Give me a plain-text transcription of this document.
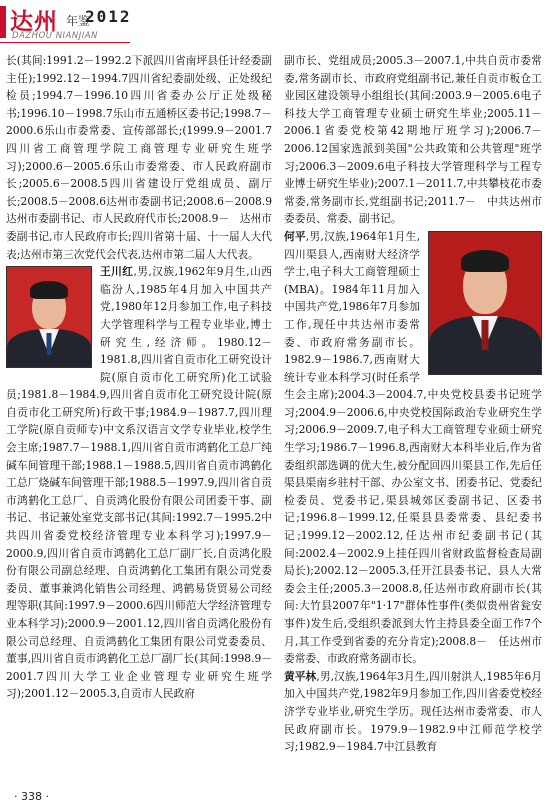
达州 年鉴
2012
DAZHOU NIANJIAN

长(其间:1991.2－1992.2下派四川省南坪县任计经委副主任);1992.12－1994.7四川省纪委副处级、正处级纪检员;1994.7－1996.10四川省委办公厅正处级秘书;1996.10－1998.7乐山市五通桥区委书记;1998.7－2000.6乐山市委常委、宣传部部长;(1999.9－2001.7四川省工商管理学院工商管理专业研究生班学习);2000.6－2005.6乐山市委常委、市人民政府副市长;2005.6－2008.5四川省建设厅党组成员、副厅长;2008.5－2008.6达州市委副书记;2008.6－2008.9达州市委副书记、市人民政府代市长;2008.9－　达州市委副书记,市人民政府市长;四川省第十届、十一届人大代表;达州市第三次党代会代表,达州市第二届人大代表。

王川红,男,汉族,1962年9月生,山西临汾人,1985年4月加入中国共产党,1980年12月参加工作,电子科技大学管理科学与工程专业毕业,博士研究生,经济师。1980.12－1981.8,四川省自贡市化工研究设计院(原自贡市化工研究所)化工试验员;1981.8－1984.9,四川省自贡市化工研究设计院(原自贡市化工研究所)行政干事;1984.9－1987.7,四川理工学院(原自贡师专)中文系汉语言文学专业毕业,校学生会主席;1987.7－1988.1,四川省自贡市鸿鹤化工总厂纯碱车间管理干部;1988.1－1988.5,四川省自贡市鸿鹤化工总厂烧碱车间管理干部;1988.5－1997.9,四川省自贡市鸿鹤化工总厂、自贡鸿化股份有限公司团委干事、副书记、书记兼处室党支部书记(其间:1992.7－1995.2中共四川省委党校经济管理专业本科学习);1997.9－2000.9,四川省自贡市鸿鹤化工总厂副厂长,自贡鸿化股份有限公司副总经理、自贡鸿鹤化工集团有限公司党委委员、董事兼鸿化销售公司经理、鸿鹤易货贸易公司经理等职(其间:1997.9－2000.6四川师范大学经济管理专业本科学习);2000.9－2001.12,四川省自贡鸿化股份有限公司总经理、自贡鸿鹤化工集团有限公司党委委员、董事,四川省自贡市鸿鹤化工总厂副厂长(其间:1998.9－2001.7四川大学工业企业管理专业研究生班学习);2001.12－2005.3,自贡市人民政府

副市长、党组成员;2005.3－2007.1,中共自贡市委常委,常务副市长、市政府党组副书记,兼任自贡市板仓工业园区建设领导小组组长(其间:2003.9－2005.6电子科技大学工商管理专业硕士研究生毕业;2005.11－2006.1省委党校第42期地厅班学习);2006.7－2006.12国家选派到美国"公共政策和公共管理"班学习;2006.3－2009.6电子科技大学管理科学与工程专业博士研究生毕业);2007.1－2011.7,中共攀枝花市委常委,常务副市长,党组副书记;2011.7－　中共达州市委委员、常委、副书记。

何平,男,汉族,1964年1月生,四川渠县人,西南财大经济学学士,电子科大工商管理硕士(MBA)。1984年11月加入中国共产党,1986年7月参加工作,现任中共达州市委常委、市政府常务副市长。1982.9－1986.7,西南财大统计专业本科学习(时任系学生会主席);2004.3－2004.7,中央党校县委书记班学习;2004.9－2006.6,中央党校国际政治专业研究生学习;2006.9－2009.7,电子科大工商管理专业硕士研究生学习;1986.7－1996.8,西南财大本科毕业后,作为省委组织部选调的优大生,被分配回四川渠县工作,先后任渠县渠南乡驻村干部、办公室文书、团委书记、党委纪检委员、党委书记,渠县城郊区委副书记、区委书记;1996.8－1999.12,任渠县县委常委、县纪委书记;1999.12－2002.12,任达州市纪委副书记(其间:2002.4－2002.9上挂任四川省财政监督检查局副局长);2002.12－2005.3,任开江县委书记、县人大常委会主任;2005.3－2008.8,任达州市政府副市长(其间:大竹县2007年"1·17"群体性事件(类似贵州省瓮安事件)发生后,受组织委派到大竹主持县委全面工作7个月,其工作受到省委的充分肯定);2008.8－　任达州市委常委、市政府常务副市长。

黄平林,男,汉族,1964年3月生,四川射洪人,1985年6月加入中国共产党,1982年9月参加工作,四川省委党校经济学专业毕业,研究生学历。现任达州市委常委、市人民政府副市长。1979.9－1982.9中江师范学校学习;1982.9－1984.7中江县教育

· 338 ·
